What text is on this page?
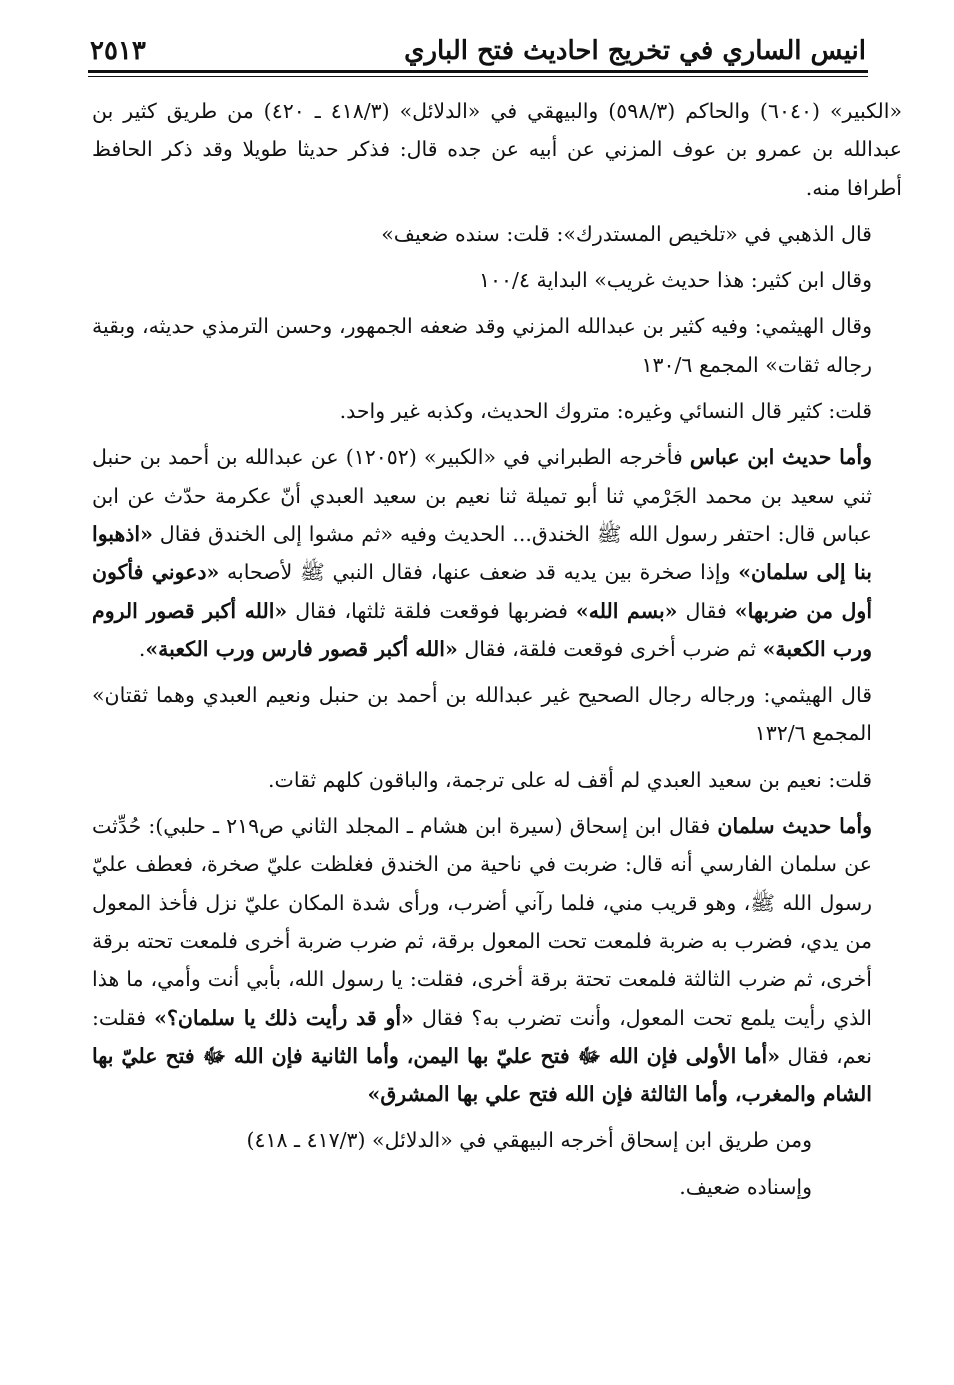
انيس الساري في تخريج احاديث فتح الباري
٢٥١٣

«الكبير» (٦٠٤٠) والحاكم (٥٩٨/٣) والبيهقي في «الدلائل» (٤١٨/٣ ـ ٤٢٠) من طريق كثير بن عبدالله بن عمرو بن عوف المزني عن أبيه عن جده قال: فذكر حديثا طويلا وقد ذكر الحافظ أطرافا منه.

قال الذهبي في «تلخيص المستدرك»: قلت: سنده ضعيف»

وقال ابن كثير: هذا حديث غريب» البداية ١٠٠/٤

وقال الهيثمي: وفيه كثير بن عبدالله المزني وقد ضعفه الجمهور، وحسن الترمذي حديثه، وبقية رجاله ثقات» المجمع ١٣٠/٦

قلت: كثير قال النسائي وغيره: متروك الحديث، وكذبه غير واحد.

وأما حديث ابن عباس فأخرجه الطبراني في «الكبير» (١٢٠٥٢) عن عبدالله بن أحمد بن حنبل ثني سعيد بن محمد الجَرْمي ثنا أبو تميلة ثنا نعيم بن سعيد العبدي أنّ عكرمة حدّث عن ابن عباس قال: احتفر رسول الله ﷺ الخندق... الحديث وفيه «ثم مشوا إلى الخندق فقال «اذهبوا بنا إلى سلمان» وإذا صخرة بين يديه قد ضعف عنها، فقال النبي ﷺ لأصحابه «دعوني فأكون أول من ضربها» فقال «بسم الله» فضربها فوقعت فلقة ثلثها، فقال «الله أكبر قصور الروم ورب الكعبة» ثم ضرب أخرى فوقعت فلقة، فقال «الله أكبر قصور فارس ورب الكعبة».

قال الهيثمي: ورجاله رجال الصحيح غير عبدالله بن أحمد بن حنبل ونعيم العبدي وهما ثقتان» المجمع ١٣٢/٦

قلت: نعيم بن سعيد العبدي لم أقف له على ترجمة، والباقون كلهم ثقات.

وأما حديث سلمان فقال ابن إسحاق (سيرة ابن هشام ـ المجلد الثاني ص٢١٩ ـ حلبي): حُدِّثت عن سلمان الفارسي أنه قال: ضربت في ناحية من الخندق فغلظت عليّ صخرة، فعطف عليّ رسول الله ﷺ، وهو قريب مني، فلما رآني أضرب، ورأى شدة المكان عليّ نزل فأخذ المعول من يدي، فضرب به ضربة فلمعت تحت المعول برقة، ثم ضرب ضربة أخرى فلمعت تحته برقة أخرى، ثم ضرب الثالثة فلمعت تحتة برقة أخرى، فقلت: يا رسول الله، بأبي أنت وأمي، ما هذا الذي رأيت يلمع تحت المعول، وأنت تضرب به؟ فقال «أو قد رأيت ذلك يا سلمان؟» فقلت: نعم، فقال «أما الأولى فإن الله ﷻ فتح عليّ بها اليمن، وأما الثانية فإن الله ﷻ فتح عليّ بها الشام والمغرب، وأما الثالثة فإن الله فتح علي بها المشرق»

ومن طريق ابن إسحاق أخرجه البيهقي في «الدلائل» (٤١٧/٣ ـ ٤١٨)

وإسناده ضعيف.
